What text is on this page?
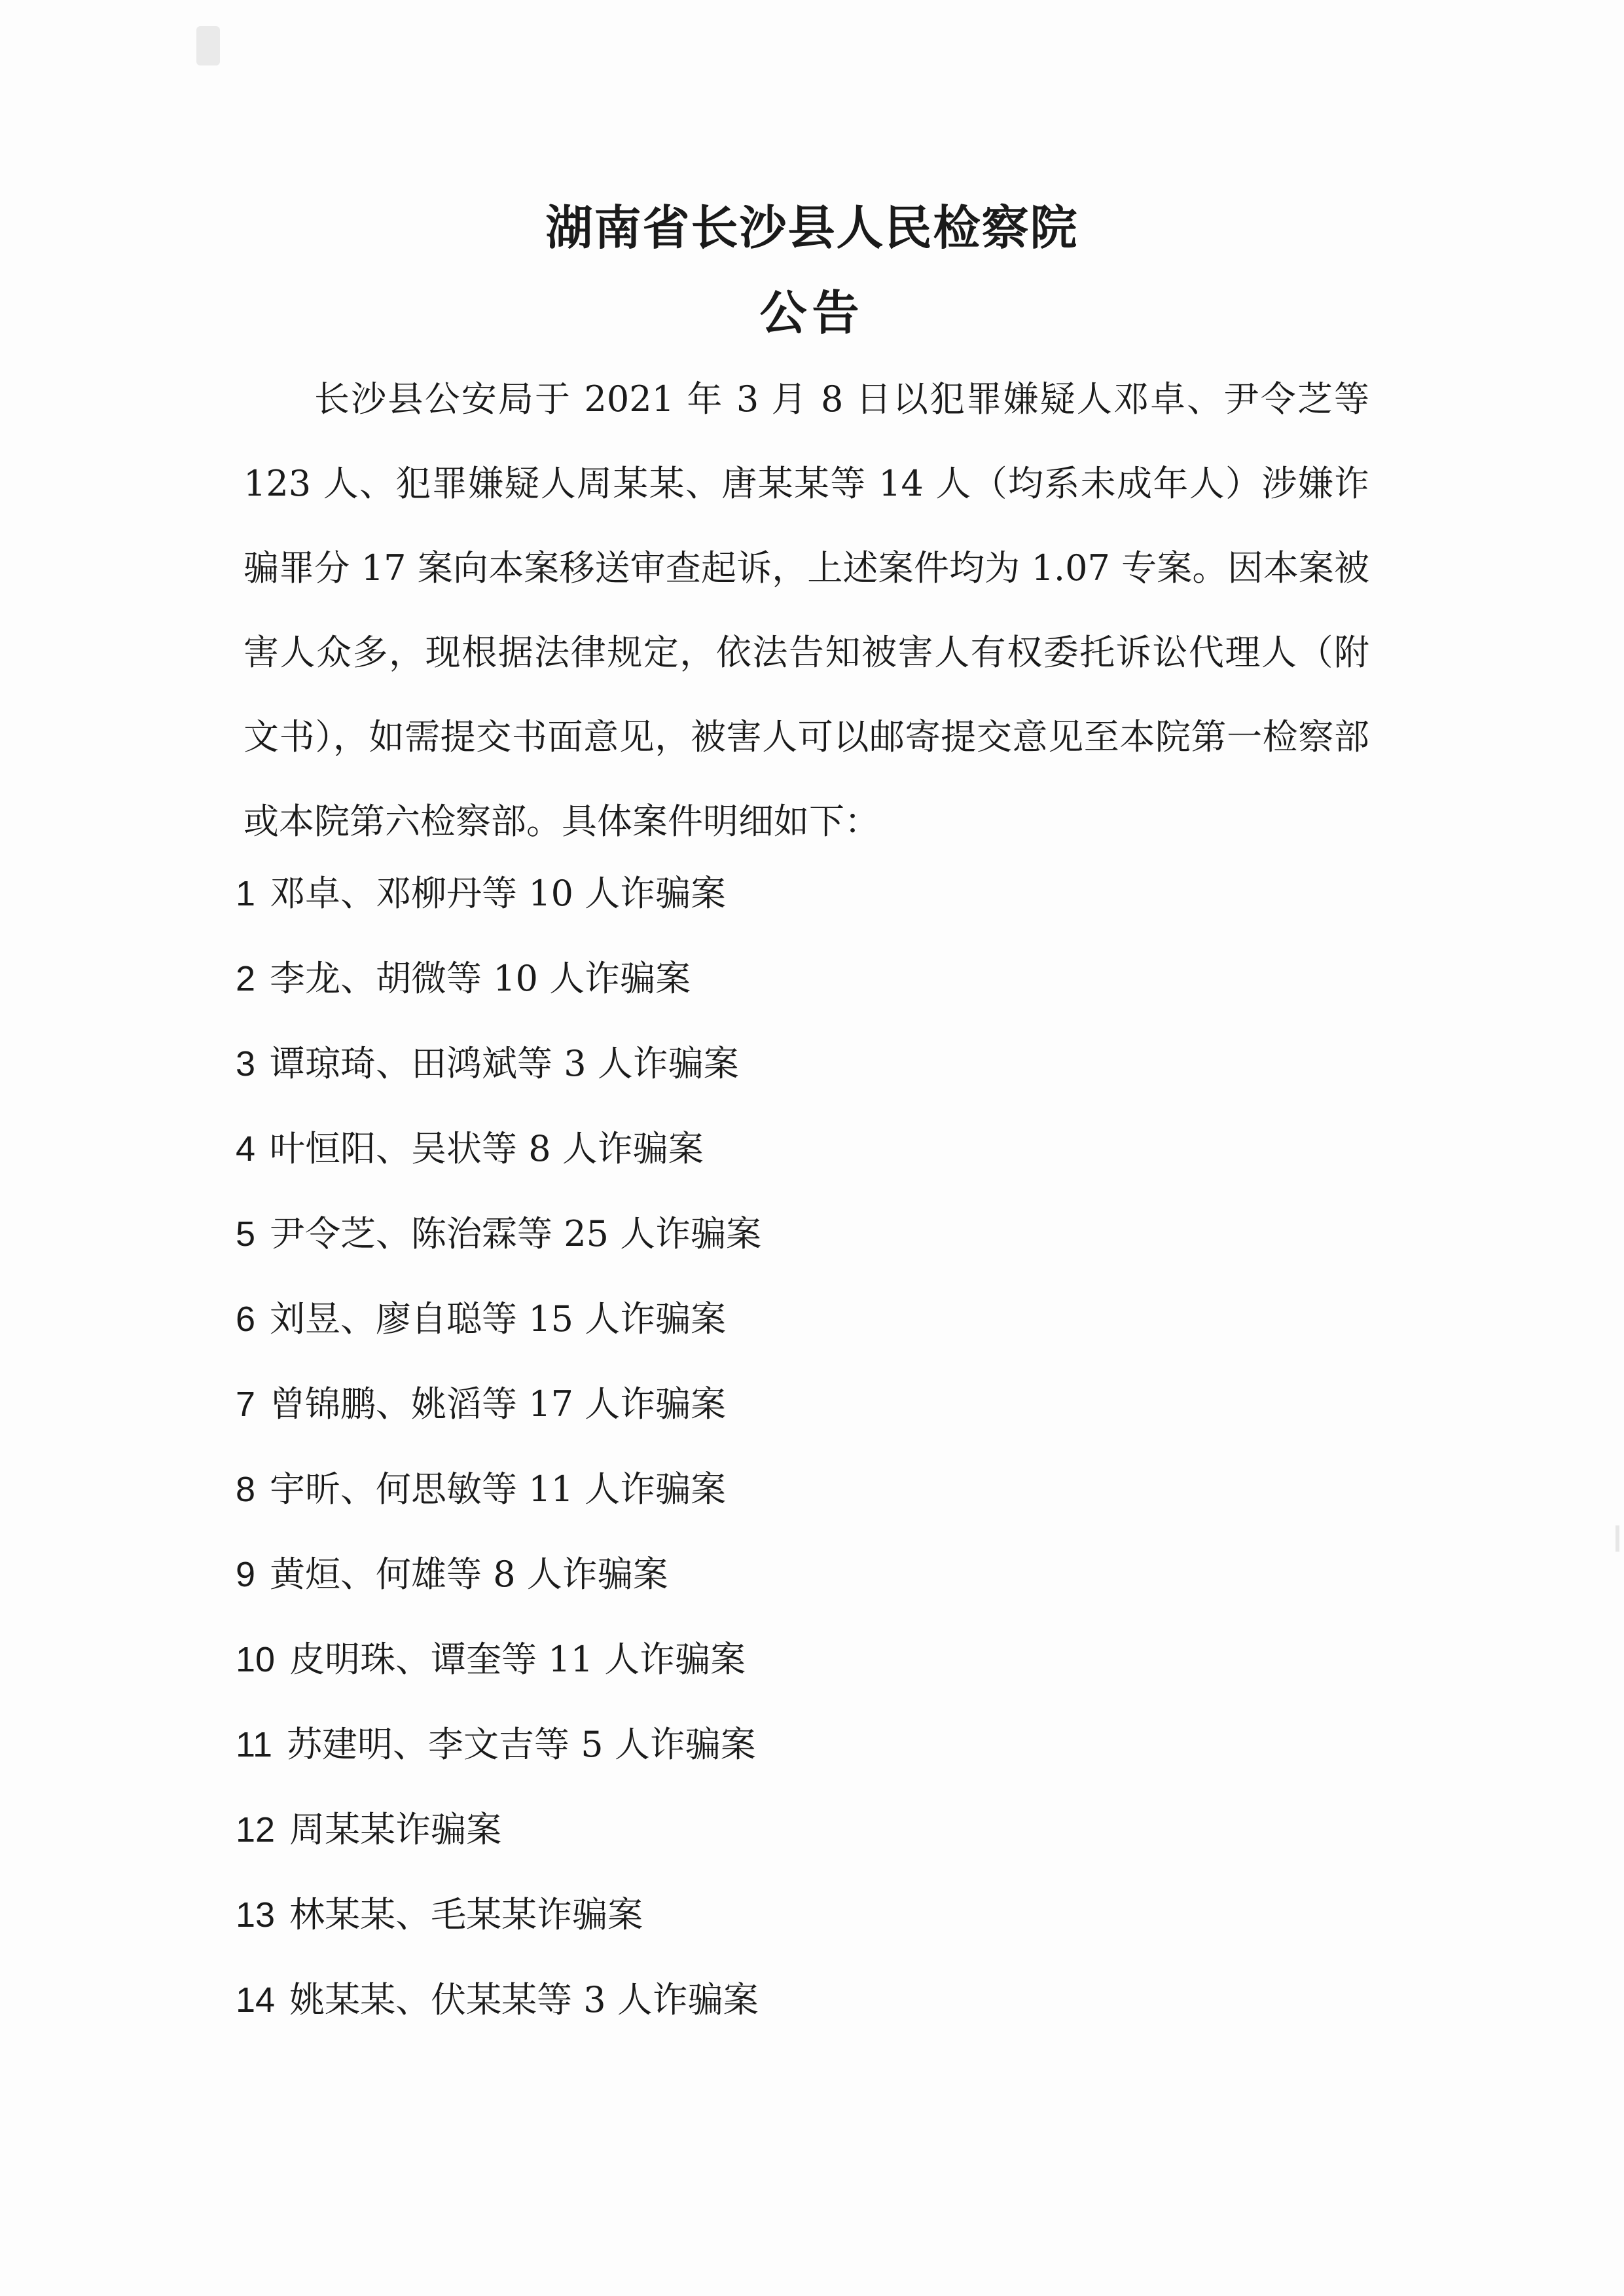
湖南省长沙县人民检察院
公告

长沙县公安局于 2021 年 3 月 8 日以犯罪嫌疑人邓卓、尹令芝等 123 人、犯罪嫌疑人周某某、唐某某等 14 人（均系未成年人）涉嫌诈骗罪分 17 案向本案移送审查起诉，上述案件均为 1.07 专案。因本案被害人众多，现根据法律规定，依法告知被害人有权委托诉讼代理人（附文书），如需提交书面意见，被害人可以邮寄提交意见至本院第一检察部或本院第六检察部。具体案件明细如下：

1 邓卓、邓柳丹等 10 人诈骗案
2 李龙、胡微等 10 人诈骗案
3 谭琼琦、田鸿斌等 3 人诈骗案
4 叶恒阳、吴状等 8 人诈骗案
5 尹令芝、陈治霖等 25 人诈骗案
6 刘昱、廖自聪等 15 人诈骗案
7 曾锦鹏、姚滔等 17 人诈骗案
8 宇昕、何思敏等 11 人诈骗案
9 黄烜、何雄等 8 人诈骗案
10 皮明珠、谭奎等 11 人诈骗案
11 苏建明、李文吉等 5 人诈骗案
12 周某某诈骗案
13 林某某、毛某某诈骗案
14 姚某某、伏某某等 3 人诈骗案
